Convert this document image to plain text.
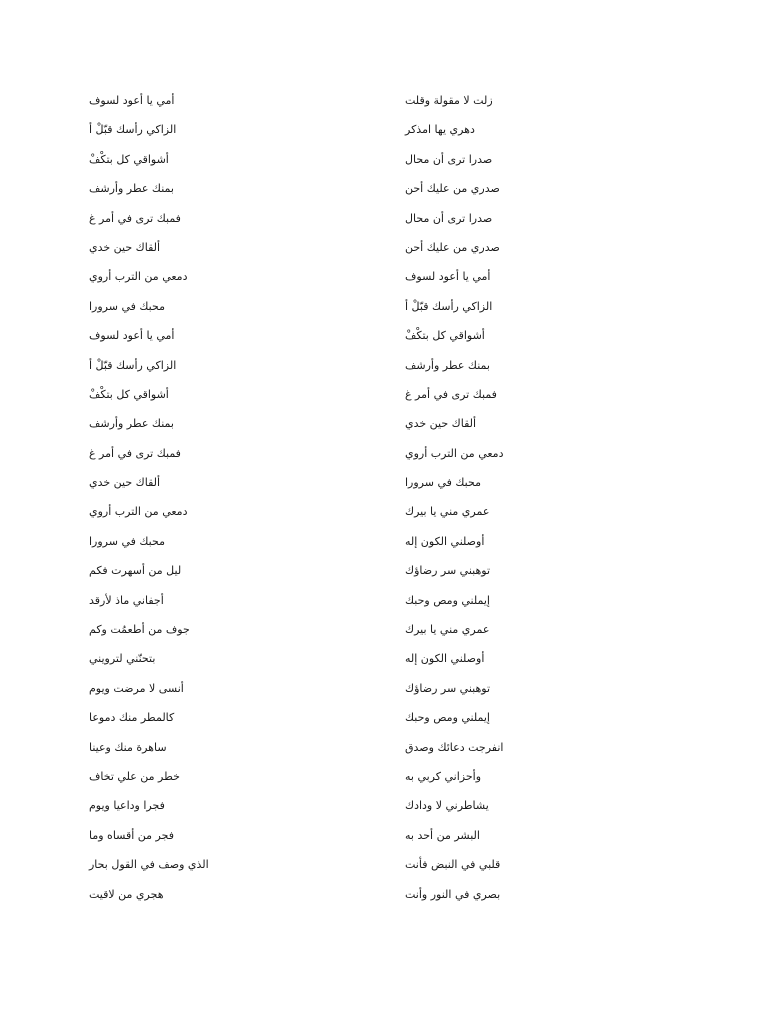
أمي يا أعود لسوف
الزاكي رأسك قبّلْ أ
أشواقي كل بتكْفْ
بمنك عطر وأرشف
فمبك ترى في أمر غ
ألقاك حين خدي
دمعي من الترب أروي
محبك في سرورا
أمي يا أعود لسوف
الزاكي رأسك قبّلْ أ
أشواقي كل بتكْفْ
بمنك عطر وأرشف
فمبك ترى في أمر غ
ألقاك حين خدي
دمعي من الترب أروي
محبك في سرورا
ليل من أسهرت فكم
أجفاني ماذ لأرقد
جوف من أطعمُت وكم
بتحنّني لترويني
أنسى لا مرضت ويوم
كالمطر منك دموعا
ساهرة منك وعينا
خطر من علي تخاف
فجرا وداعيا ويوم
فجر من أقساه وما
الذي وصف في القول بحار
هجري من لاقيت
زلت لا مقولة وقلت
دهري يها امذكر
صدرا ترى أن محال
صدري من عليك أحن
صدرا ترى أن محال
صدري من عليك أحن
أمي يا أعود لسوف
الزاكي رأسك قبّلْ أ
أشواقي كل بتكْفْ
بمنك عطر وأرشف
فمبك ترى في أمر غ
ألقاك حين خدي
دمعي من الترب أروي
محبك في سرورا
عمري مني يا بيرك
أوصلني الكون إله
توهبني سر رضاؤك
إيملني ومص وحبك
عمري مني يا بيرك
أوصلني الكون إله
توهبني سر رضاؤك
إيملني ومص وحبك
انفرجت دعائك وصدق
وأحزاني كربي به
يشاطرني لا ودادك
البشر من أحد به
قلبي في النبض فأنت
بصري في النور وأنت
